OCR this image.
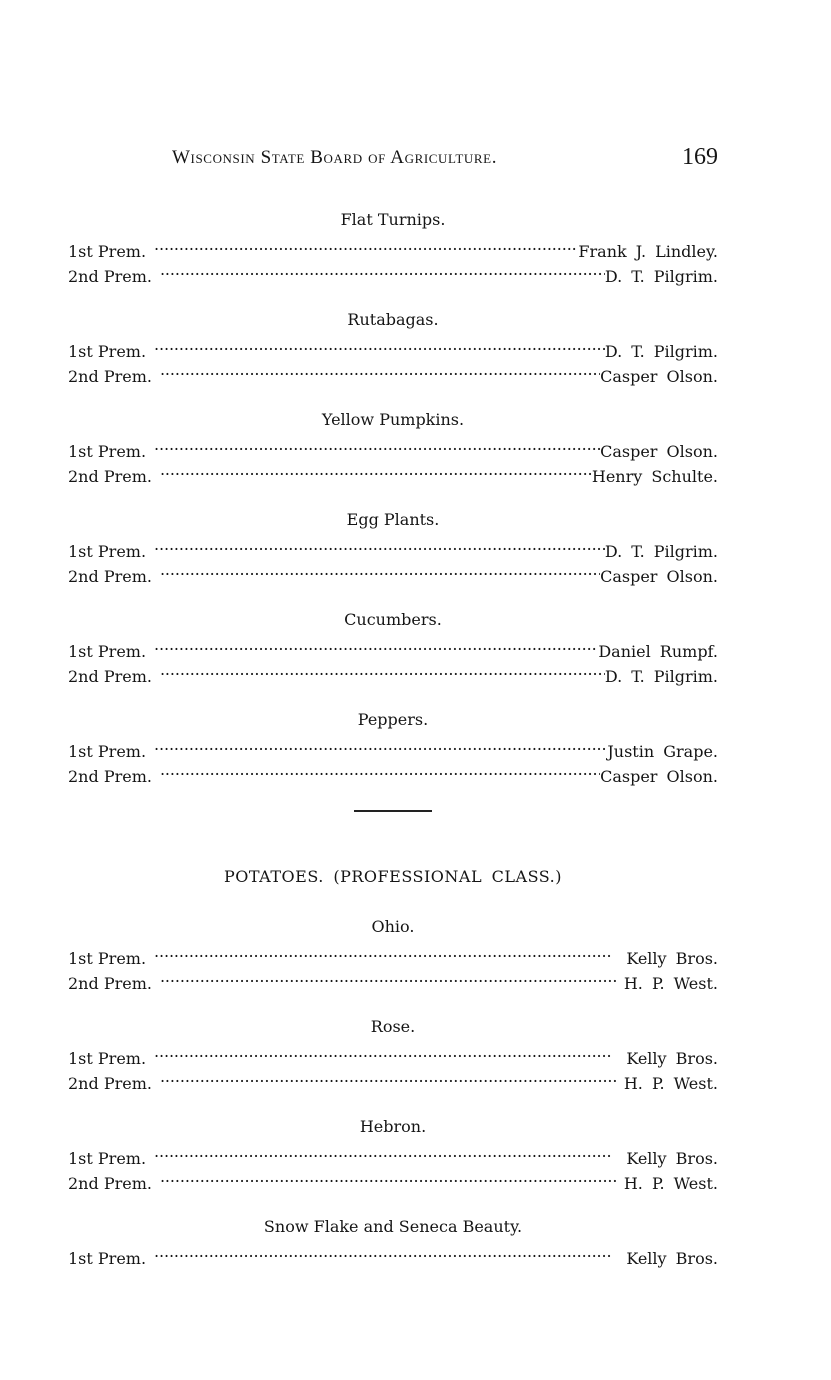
Wisconsin State Board of Agriculture.	169
Flat Turnips.
1st Prem. . . .	Frank J. Lindley.
2nd Prem. . . .	D. T. Pilgrim.
Rutabagas.
1st Prem. . . .	D. T. Pilgrim.
2nd Prem. . . .	Casper Olson.
Yellow Pumpkins.
1st Prem. . . .	Casper Olson.
2nd Prem. . . .	Henry Schulte.
Egg Plants.
1st Prem. . . .	D. T. Pilgrim.
2nd Prem. . . .	Casper Olson.
Cucumbers.
1st Prem. . . .	Daniel Rumpf.
2nd Prem. . . .	D. T. Pilgrim.
Peppers.
1st Prem. . . .	Justin Grape.
2nd Prem. . . .	Casper Olson.
POTATOES. (PROFESSIONAL CLASS.)
Ohio.
1st Prem. . . .	Kelly Bros.
2nd Prem. . . .	H. P. West.
Rose.
1st Prem. . . .	Kelly Bros.
2nd Prem. . . .	H. P. West.
Hebron.
1st Prem. . . .	Kelly Bros.
2nd Prem. . . .	H. P. West.
Snow Flake and Seneca Beauty.
1st Prem. . . .	Kelly Bros.
